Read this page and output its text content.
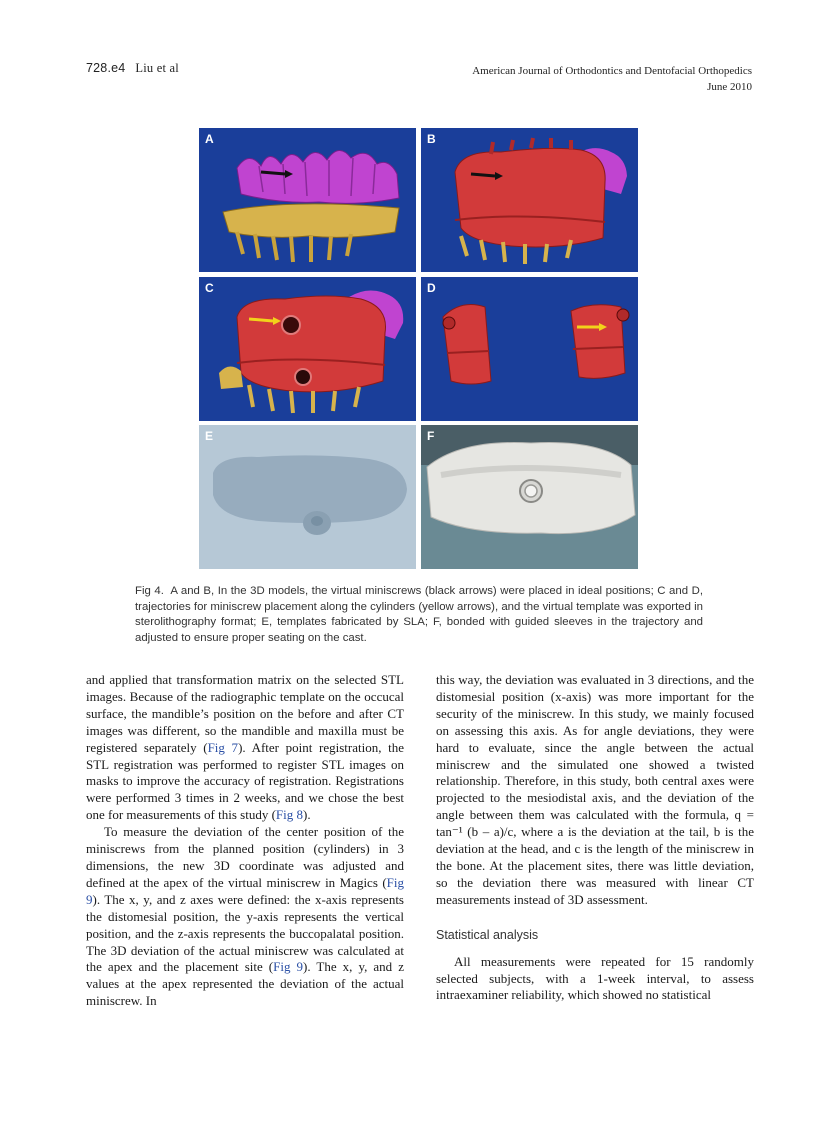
728.e4 Liu et al	American Journal of Orthodontics and Dentofacial Orthopedics
June 2010
A	B
C	D
E	F
Fig 4. A and B, In the 3D models, the virtual miniscrews (black arrows) were placed in ideal positions; C and D, trajectories for miniscrew placement along the cylinders (yellow arrows), and the virtual template was exported in sterolithography format; E, templates fabricated by SLA; F, bonded with guided sleeves in the trajectory and adjusted to ensure proper seating on the cast.

and applied that transformation matrix on the selected STL images. Because of the radiographic template on the occucal surface, the mandible’s position on the before and after CT images was different, so the mandible and maxilla must be registered separately (Fig 7). After point registration, the STL registration was performed to register STL images on masks to improve the accuracy of registration. Registrations were performed 3 times in 2 weeks, and we chose the best one for measurements of this study (Fig 8).

To measure the deviation of the center position of the miniscrews from the planned position (cylinders) in 3 dimensions, the new 3D coordinate was adjusted and defined at the apex of the virtual miniscrew in Magics (Fig 9). The x, y, and z axes were defined: the x-axis represents the distomesial position, the y-axis represents the vertical position, and the z-axis represents the buccopalatal position. The 3D deviation of the actual miniscrew was calculated at the apex and the placement site (Fig 9). The x, y, and z values at the apex represented the deviation of the actual miniscrew. In

this way, the deviation was evaluated in 3 directions, and the distomesial position (x-axis) was more important for the security of the miniscrew. In this study, we mainly focused on assessing this axis. As for angle deviations, they were hard to evaluate, since the angle between the actual miniscrew and the simulated one showed a twisted relationship. Therefore, in this study, both central axes were projected to the mesiodistal axis, and the deviation of the angle between them was calculated with the formula, q = tan⁻¹ (b – a)/c, where a is the deviation at the tail, b is the deviation at the head, and c is the length of the miniscrew in the bone. At the placement sites, there was little deviation, so the deviation there was measured with linear CT measurements instead of 3D assessment.

Statistical analysis

All measurements were repeated for 15 randomly selected subjects, with a 1-week interval, to assess intraexaminer reliability, which showed no statistical
